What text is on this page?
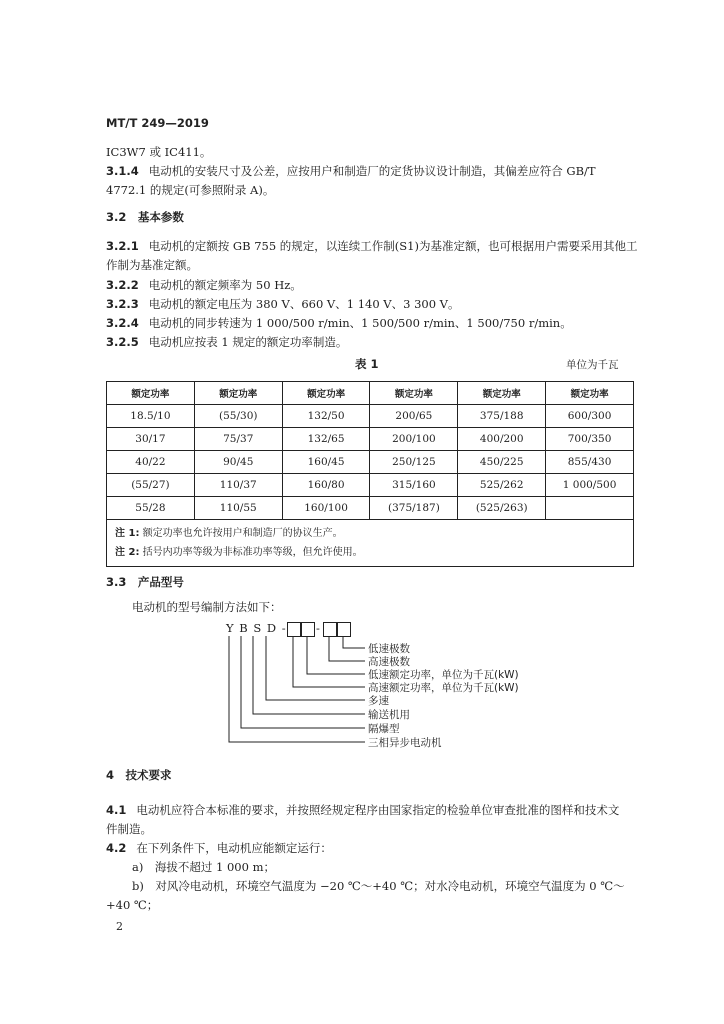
MT/T 249—2019
IC3W7 或 IC411。
3.1.4 电动机的安装尺寸及公差，应按用户和制造厂的定货协议设计制造，其偏差应符合 GB/T
4772.1 的规定(可参照附录 A)。
3.2　基本参数
3.2.1 电动机的定额按 GB 755 的规定，以连续工作制(S1)为基准定额，也可根据用户需要采用其他工
作制为基准定额。
3.2.2 电动机的额定频率为 50 Hz。
3.2.3 电动机的额定电压为 380 V、660 V、1 140 V、3 300 V。
3.2.4 电动机的同步转速为 1 000/500 r/min、1 500/500 r/min、1 500/750 r/min。
3.2.5 电动机应按表 1 规定的额定功率制造。
表 1	单位为千瓦
额定功率	额定功率	额定功率	额定功率	额定功率	额定功率
18.5/10	(55/30)	132/50	200/65	375/188	600/300
30/17	75/37	132/65	200/100	400/200	700/350
40/22	90/45	160/45	250/125	450/225	855/430
(55/27)	110/37	160/80	315/160	525/262	1 000/500
55/28	110/55	160/100	(375/187)	(525/263)	

注 1: 额定功率也允许按用户和制造厂的协议生产。
注 2: 括号内功率等级为非标准功率等级，但允许使用。					
3.3　产品型号
电动机的型号编制方法如下：
Y B S D -	-
低速极数
高速极数
低速额定功率，单位为千瓦(kW)
高速额定功率，单位为千瓦(kW)
多速
输送机用
隔爆型
三相异步电动机
4　技术要求
4.1 电动机应符合本标准的要求，并按照经规定程序由国家指定的检验单位审查批准的图样和技术文
件制造。
4.2 在下列条件下，电动机应能额定运行：
a)　海拔不超过 1 000 m；
b)　对风冷电动机，环境空气温度为 −20 ℃～+40 ℃；对水冷电动机，环境空气温度为 0 ℃～
+40 ℃；
2
